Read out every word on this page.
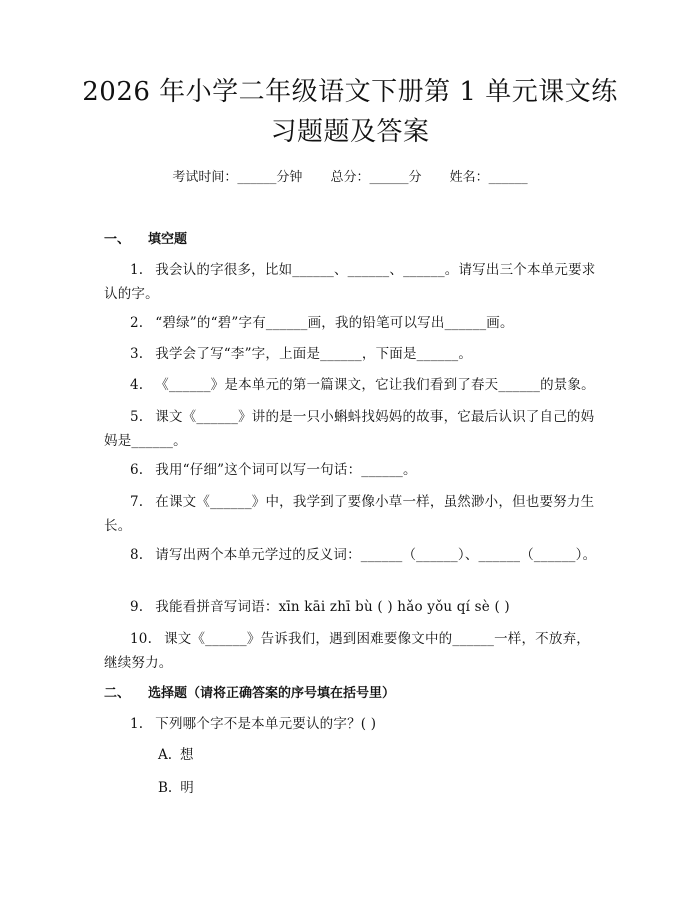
2026 年小学二年级语文下册第 1 单元课文练习题题及答案
考试时间：______分钟 总分：______分 姓名：______
一、 填空题
1. 我会认的字很多，比如______、______、______。请写出三个本单元要求认的字。
2. “碧绿”的“碧”字有______画，我的铅笔可以写出______画。
3. 我学会了写“李”字，上面是______，下面是______。
4. 《______》是本单元的第一篇课文，它让我们看到了春天______的景象。
5. 课文《______》讲的是一只小蝌蚪找妈妈的故事，它最后认识了自己的妈妈是______。
6. 我用“仔细”这个词可以写一句话：______。
7. 在课文《______》中，我学到了要像小草一样，虽然渺小，但也要努力生长。
8. 请写出两个本单元学过的反义词：______（______）、______（______）。
9. 我能看拼音写词语：xīn kāi zhī bù ( ) hǎo yǒu qí sè ( )
10. 课文《______》告诉我们，遇到困难要像文中的______一样，不放弃，继续努力。
二、 选择题（请将正确答案的序号填在括号里）
1. 下列哪个字不是本单元要认的字？( )
A. 想
B. 明
